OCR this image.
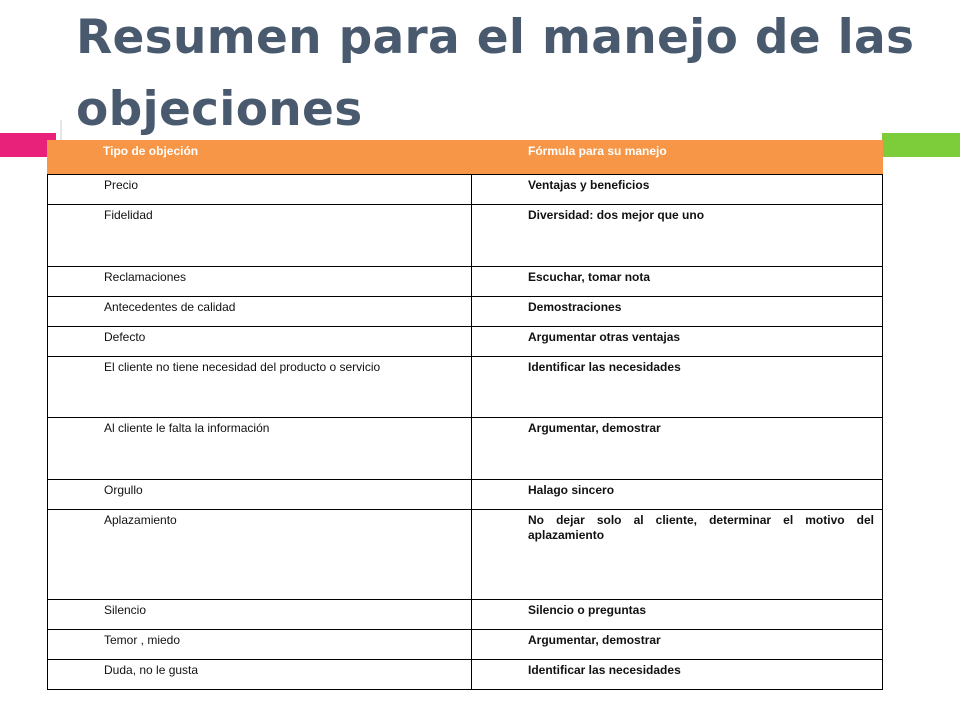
Resumen para el manejo de las objeciones
Tipo de objeción	Fórmula para su manejo
Precio	Ventajas y beneficios
Fidelidad	Diversidad: dos mejor que uno
Reclamaciones	Escuchar, tomar nota
Antecedentes de calidad	Demostraciones
Defecto	Argumentar otras ventajas
El cliente no tiene necesidad del producto o servicio	Identificar las necesidades
Al cliente le falta la información	Argumentar, demostrar
Orgullo	Halago sincero
Aplazamiento	No dejar solo al cliente, determinar el motivo del aplazamiento
Silencio	Silencio o preguntas
Temor , miedo	Argumentar, demostrar
Duda, no le gusta	Identificar las necesidades
